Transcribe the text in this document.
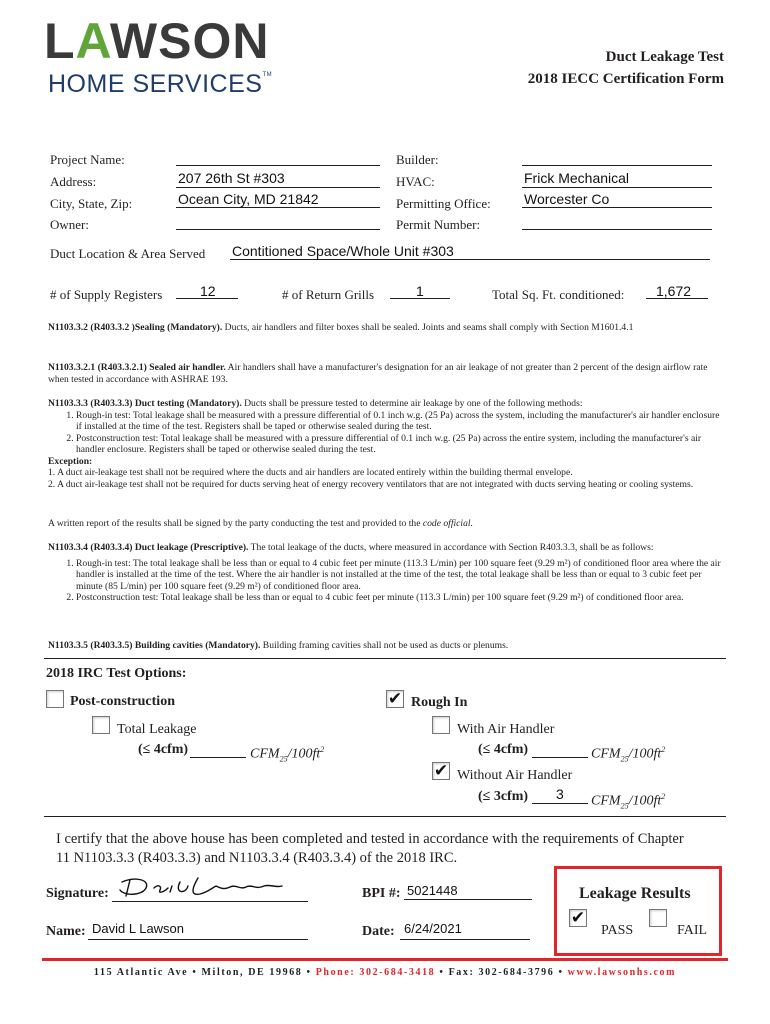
LAWSON
HOME SERVICES™
Duct Leakage Test
2018 IECC Certification Form
Project Name:
Address:	207 26th St #303
City, State, Zip:	Ocean City, MD 21842
Owner:
Builder:
HVAC:	Frick Mechanical
Permitting Office: Worcester Co
Permit Number:
Duct Location & Area Served Contitioned Space/Whole Unit #303
# of Supply Registers	12	# of Return Grills	1	Total Sq. Ft. conditioned: 1,672
N1103.3.2 (R403.3.2 )Sealing (Mandatory). Ducts, air handlers and filter boxes shall be sealed. Joints and seams shall comply with Section M1601.4.1
N1103.3.2.1 (R403.3.2.1) Sealed air handler. Air handlers shall have a manufacturer's designation for an air leakage of not greater than 2 percent of the design airflow rate when tested in accordance with ASHRAE 193.
N1103.3.3 (R403.3.3) Duct testing (Mandatory). Ducts shall be pressure tested to determine air leakage by one of the following methods:
1. Rough-in test: Total leakage shall be measured with a pressure differential of 0.1 inch w.g. (25 Pa) across the system, including the manufacturer's air handler enclosure if installed at the time of the test. Registers shall be taped or otherwise sealed during the test.
2. Postconstruction test: Total leakage shall be measured with a pressure differential of 0.1 inch w.g. (25 Pa) across the entire system, including the manufacturer's air handler enclosure. Registers shall be taped or otherwise sealed during the test.
Exception:
1. A duct air-leakage test shall not be required where the ducts and air handlers are located entirely within the building thermal envelope.
2. A duct air-leakage test shall not be required for ducts serving heat of energy recovery ventilators that are not integrated with ducts serving heating or cooling systems.
A written report of the results shall be signed by the party conducting the test and provided to the code official.
N1103.3.4 (R403.3.4) Duct leakage (Prescriptive). The total leakage of the ducts, where measured in accordance with Section R403.3.3, shall be as follows:
1. Rough-in test: The total leakage shall be less than or equal to 4 cubic feet per minute (113.3 L/min) per 100 square feet (9.29 m²) of conditioned floor area where the air handler is installed at the time of the test. Where the air handler is not installed at the time of the test, the total leakage shall be less than or equal to 3 cubic feet per minute (85 L/min) per 100 square feet (9.29 m²) of conditioned floor area.
2. Postconstruction test: Total leakage shall be less than or equal to 4 cubic feet per minute (113.3 L/min) per 100 square feet (9.29 m²) of conditioned floor area.
N1103.3.5 (R403.3.5) Building cavities (Mandatory). Building framing cavities shall not be used as ducts or plenums.
2018 IRC Test Options:
Post-construction	✔ Rough In
Total Leakage
(≤ 4cfm)	$CFM_{25}/100ft^2$
With Air Handler
(≤ 4cfm)	$CFM_{25}/100ft^2$
✔ Without Air Handler
(≤ 3cfm) 3 $CFM_{25}/100ft^2$
I certify that the above house has been completed and tested in accordance with the requirements of Chapter 11 N1103.3.3 (R403.3.3) and N1103.3.4 (R403.3.4) of the 2018 IRC.
Signature:
Name: David L Lawson
BPI #: 5021448
Date: 6/24/2021
Leakage Results
✔
PASS	FAIL
115 Atlantic Ave • Milton, DE 19968 • Phone: 302-684-3418 • Fax: 302-684-3796 • www.lawsonhs.com
